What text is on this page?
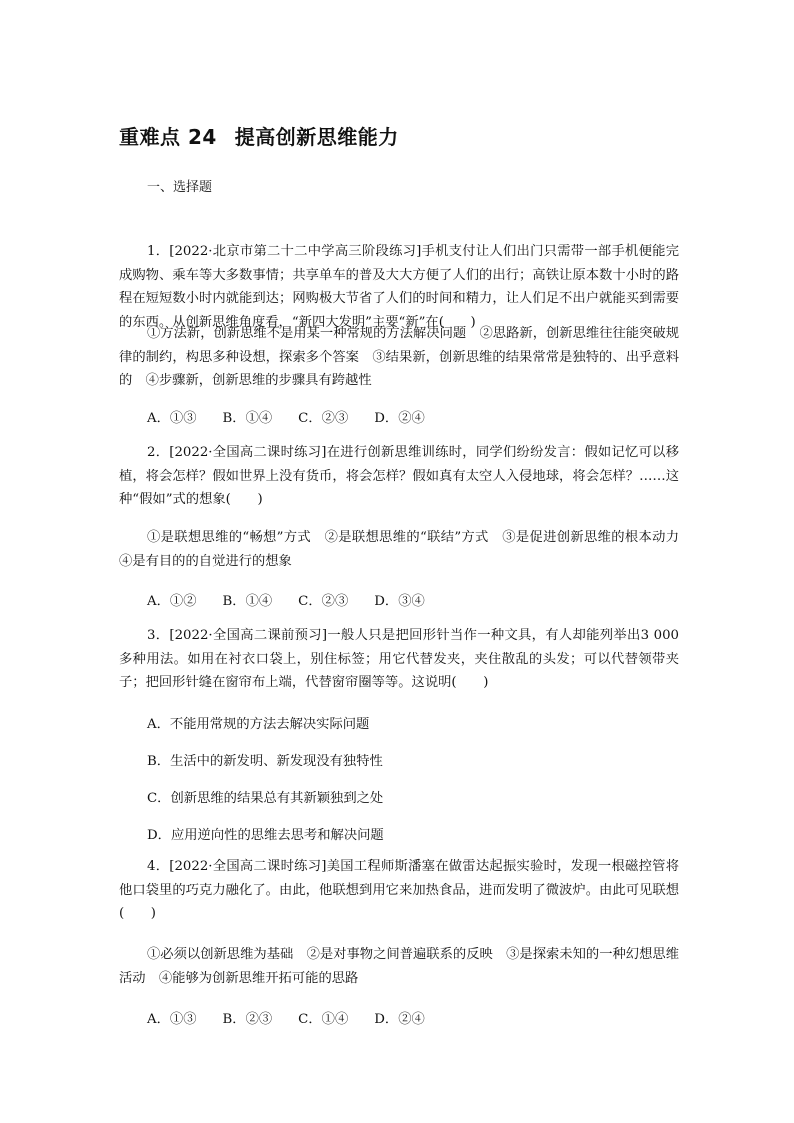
重难点 24 提高创新思维能力
一、选择题
1．[2022·北京市第二十二中学高三阶段练习]手机支付让人们出门只需带一部手机便能完成购物、乘车等大多数事情；共享单车的普及大大方便了人们的出行；高铁让原本数十小时的路程在短短数小时内就能到达；网购极大节省了人们的时间和精力，让人们足不出户就能买到需要的东西。从创新思维角度看，“新四大发明”主要“新”在(　　)
①方法新，创新思维不是用某一种常规的方法解决问题　②思路新，创新思维往往能突破规律的制约，构思多种设想，探索多个答案　③结果新，创新思维的结果常常是独特的、出乎意料的　④步骤新，创新思维的步骤具有跨越性
A．①③ B．①④ C．②③ D．②④
2．[2022·全国高二课时练习]在进行创新思维训练时，同学们纷纷发言：假如记忆可以移植，将会怎样？假如世界上没有货币，将会怎样？假如真有太空人入侵地球，将会怎样？……这种“假如”式的想象(　　)
①是联想思维的“畅想”方式　②是联想思维的“联结”方式　③是促进创新思维的根本动力　④是有目的的自觉进行的想象
A．①② B．①④ C．②③ D．③④
3．[2022·全国高二课前预习]一般人只是把回形针当作一种文具，有人却能列举出3 000多种用法。如用在衬衣口袋上，别住标签；用它代替发夹，夹住散乱的头发；可以代替领带夹子；把回形针缝在窗帘布上端，代替窗帘圈等等。这说明(　　)
A．不能用常规的方法去解决实际问题
B．生活中的新发明、新发现没有独特性
C．创新思维的结果总有其新颖独到之处
D．应用逆向性的思维去思考和解决问题
4．[2022·全国高二课时练习]美国工程师斯潘塞在做雷达起振实验时，发现一根磁控管将他口袋里的巧克力融化了。由此，他联想到用它来加热食品，进而发明了微波炉。由此可见联想(　　)
①必须以创新思维为基础　②是对事物之间普遍联系的反映　③是探索未知的一种幻想思维活动　④能够为创新思维开拓可能的思路
A．①③ B．②③ C．①④ D．②④
